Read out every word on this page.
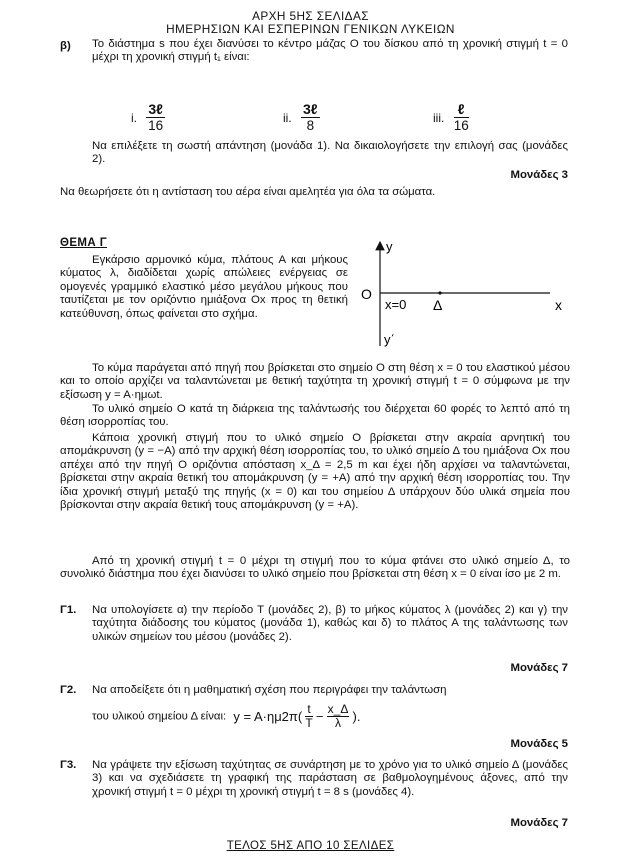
ΑΡΧΗ 5ΗΣ ΣΕΛΙΔΑΣ
ΗΜΕΡΗΣΙΩΝ ΚΑΙ ΕΣΠΕΡΙΝΩΝ ΓΕΝΙΚΩΝ ΛΥΚΕΙΩΝ
β) Το διάστημα s που έχει διανύσει το κέντρο μάζας Ο του δίσκου από τη χρονική στιγμή t = 0 μέχρι τη χρονική στιγμή t₁ είναι:

i. $\frac{\text{3ℓ}}{16}$	ii. $\frac{\text{3ℓ}}{8}$	iii. $\frac{\text{ℓ}}{16}$

Να επιλέξετε τη σωστή απάντηση (μονάδα 1). Να δικαιολογήσετε την επιλογή σας (μονάδες 2).

Μονάδες 3

Να θεωρήσετε ότι η αντίσταση του αέρα είναι αμελητέα για όλα τα σώματα.

ΘΕΜΑ Γ

Εγκάρσιο αρμονικό κύμα, πλάτους Α και μήκους κύματος λ, διαδίδεται χωρίς απώλειες ενέργειας σε ομογενές γραμμικό ελαστικό μέσο μεγάλου μήκους που ταυτίζεται με τον οριζόντιο ημιάξονα Οx προς τη θετική κατεύθυνση, όπως φαίνεται στο σχήμα.

y
O
x=0 Δ	x
y΄

Το κύμα παράγεται από πηγή που βρίσκεται στο σημείο Ο στη θέση x = 0 του ελαστικού μέσου και το οποίο αρχίζει να ταλαντώνεται με θετική ταχύτητα τη χρονική στιγμή t = 0 σύμφωνα με την εξίσωση y = A·ημωt.

Το υλικό σημείο Ο κατά τη διάρκεια της ταλάντωσής του διέρχεται 60 φορές το λεπτό από τη θέση ισορροπίας του.

Κάποια χρονική στιγμή που το υλικό σημείο Ο βρίσκεται στην ακραία αρνητική του απομάκρυνση (y = −A) από την αρχική θέση ισορροπίας του, το υλικό σημείο Δ του ημιάξονα Οx που απέχει από την πηγή Ο οριζόντια απόσταση x_Δ = 2,5 m και έχει ήδη αρχίσει να ταλαντώνεται, βρίσκεται στην ακραία θετική του απομάκρυνση (y = +A) από την αρχική θέση ισορροπίας του. Την ίδια χρονική στιγμή μεταξύ της πηγής (x = 0) και του σημείου Δ υπάρχουν δύο υλικά σημεία που βρίσκονται στην ακραία θετική τους απομάκρυνση (y = +A).

Από τη χρονική στιγμή t = 0 μέχρι τη στιγμή που το κύμα φτάνει στο υλικό σημείο Δ, το συνολικό διάστημα που έχει διανύσει το υλικό σημείο που βρίσκεται στη θέση x = 0 είναι ίσο με 2 m.

Γ1. Να υπολογίσετε α) την περίοδο Τ (μονάδες 2), β) το μήκος κύματος λ (μονάδες 2) και γ) την ταχύτητα διάδοσης του κύματος (μονάδα 1), καθώς και δ) το πλάτος Α της ταλάντωσης των υλικών σημείων του μέσου (μονάδες 2).

Μονάδες 7
Γ2. Να αποδείξετε ότι η μαθηματική σχέση που περιγράφει την ταλάντωση

του υλικού σημείου Δ είναι: $y = A\cdot\eta\mu 2\pi( \frac{t}{T} - \frac{x\_\Delta}{\lambda}$ ).
Μονάδες 5
Γ3. Να γράψετε την εξίσωση ταχύτητας σε συνάρτηση με το χρόνο για το υλικό σημείο Δ (μονάδες 3) και να σχεδιάσετε τη γραφική της παράσταση σε βαθμολογημένους άξονες, από την χρονική στιγμή t = 0 μέχρι τη χρονική στιγμή t = 8 s (μονάδες 4).

Μονάδες 7
ΤΕΛΟΣ 5ΗΣ ΑΠΟ 10 ΣΕΛΙΔΕΣ
